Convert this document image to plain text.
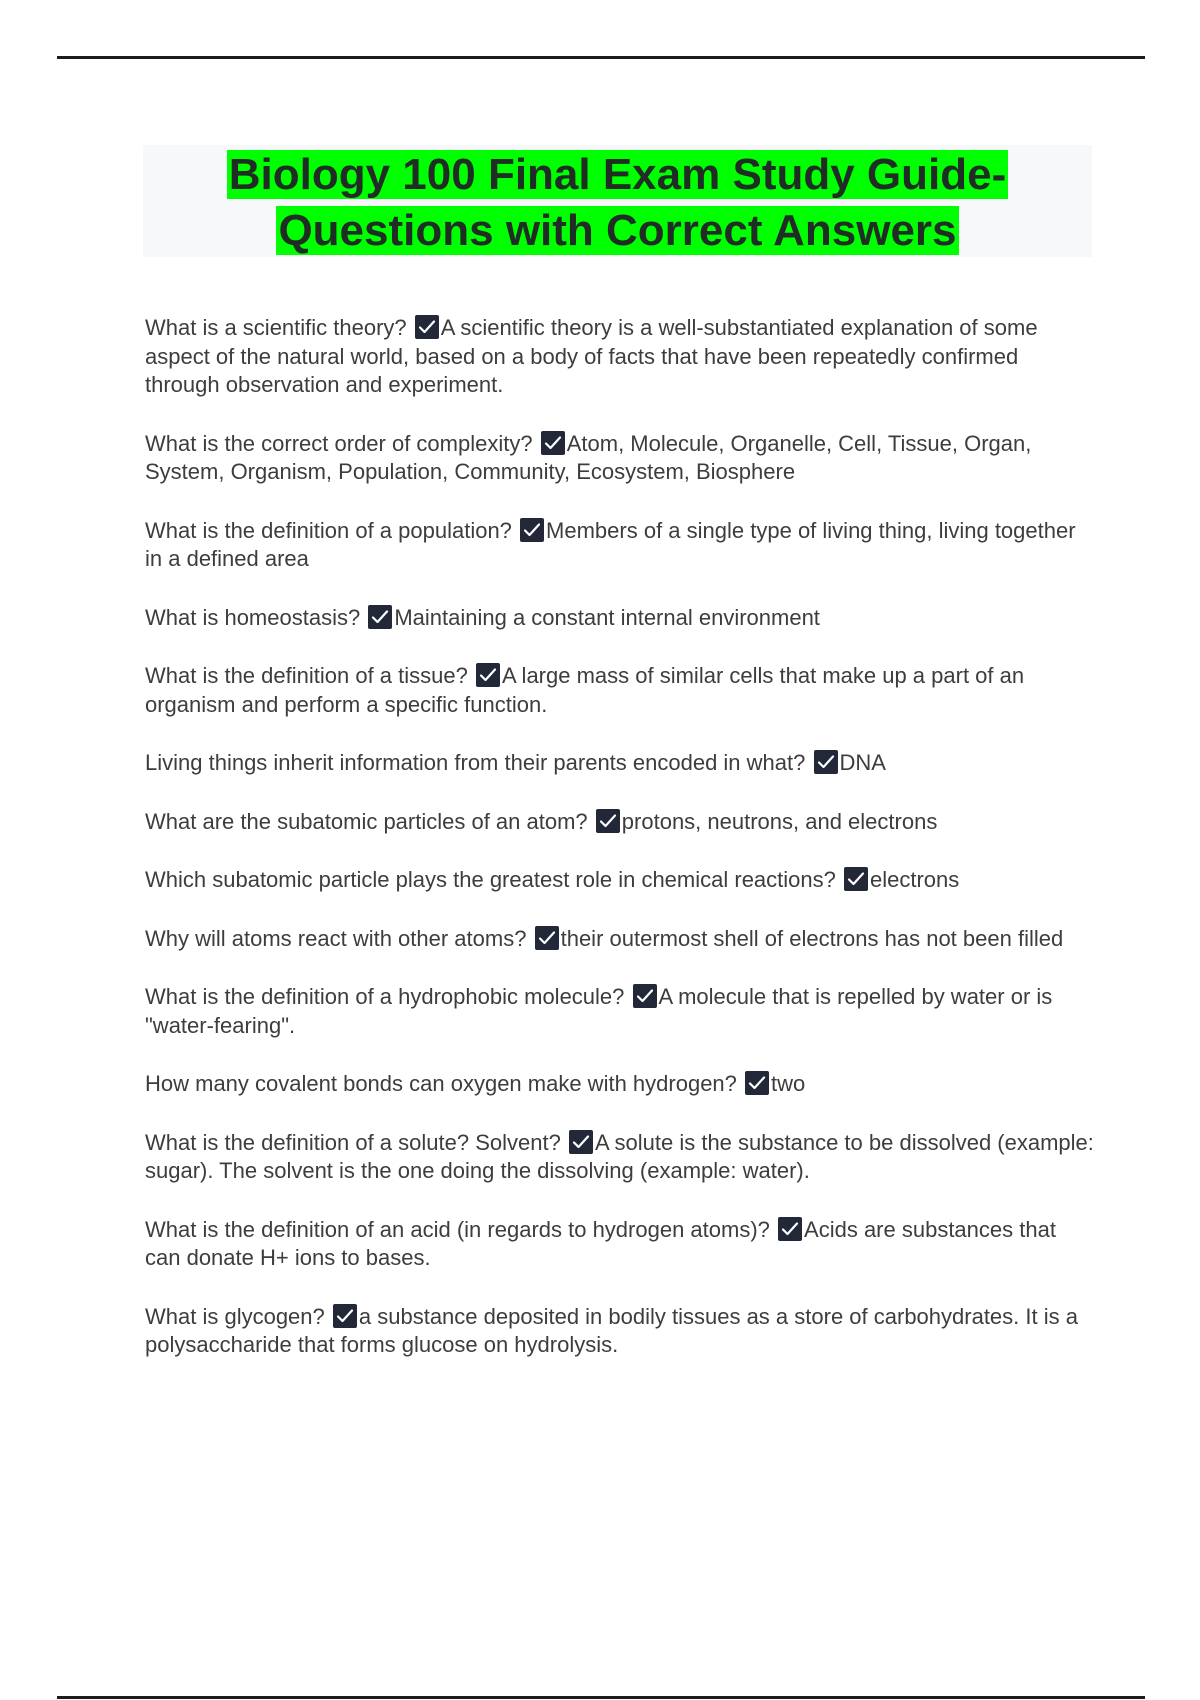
Biology 100 Final Exam Study Guide-
Questions with Correct Answers

What is a scientific theory? A scientific theory is a well-substantiated explanation of some aspect of the natural world, based on a body of facts that have been repeatedly confirmed through observation and experiment.

What is the correct order of complexity? Atom, Molecule, Organelle, Cell, Tissue, Organ, System, Organism, Population, Community, Ecosystem, Biosphere

What is the definition of a population? Members of a single type of living thing, living together in a defined area

What is homeostasis? Maintaining a constant internal environment

What is the definition of a tissue? A large mass of similar cells that make up a part of an organism and perform a specific function.

Living things inherit information from their parents encoded in what? DNA

What are the subatomic particles of an atom? protons, neutrons, and electrons

Which subatomic particle plays the greatest role in chemical reactions? electrons

Why will atoms react with other atoms? their outermost shell of electrons has not been filled

What is the definition of a hydrophobic molecule? A molecule that is repelled by water or is "water-fearing".

How many covalent bonds can oxygen make with hydrogen? two

What is the definition of a solute? Solvent? A solute is the substance to be dissolved (example: sugar). The solvent is the one doing the dissolving (example: water).

What is the definition of an acid (in regards to hydrogen atoms)? Acids are substances that can donate H+ ions to bases.

What is glycogen? a substance deposited in bodily tissues as a store of carbohydrates. It is a polysaccharide that forms glucose on hydrolysis.
